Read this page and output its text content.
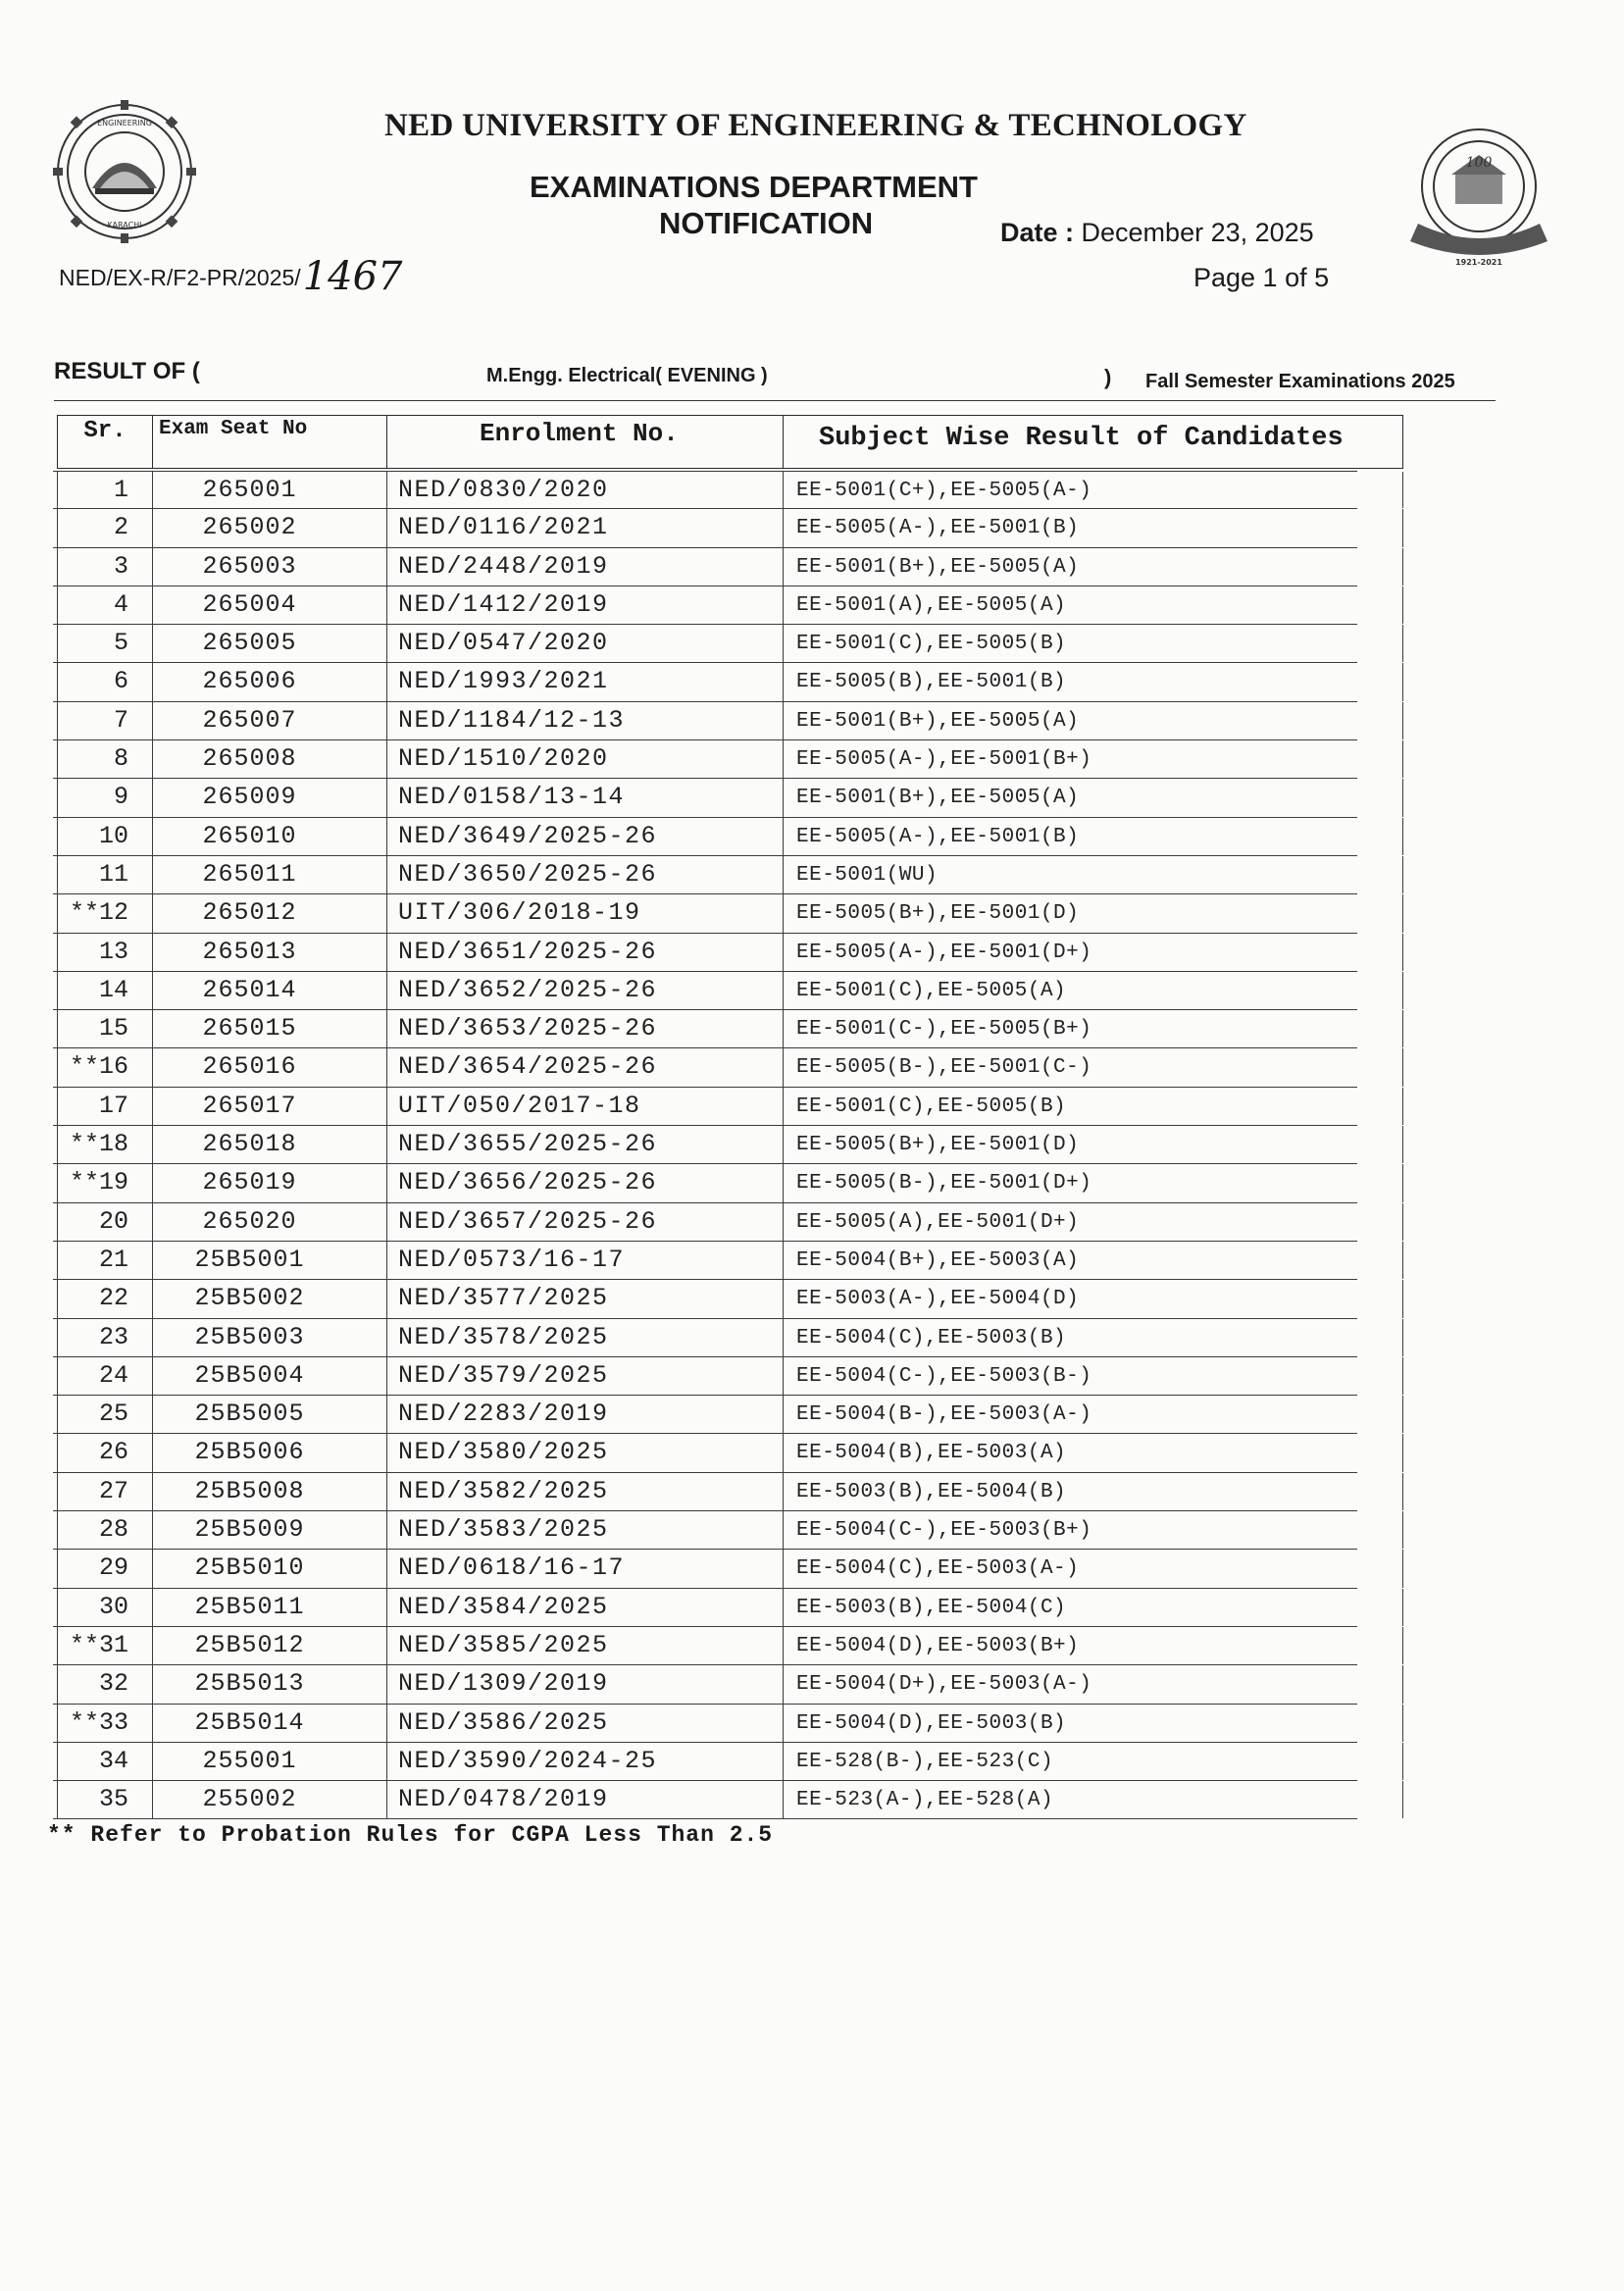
ENGINEERING
KARACHI
NED UNIVERSITY OF ENGINEERING & TECHNOLOGY
EXAMINATIONS DEPARTMENT
NOTIFICATION	Date : December 23, 2025
Page 1 of 5
NED/EX-R/F2-PR/2025/1467
100
1921-2021
RESULT OF (	M.Engg. Electrical( EVENING )	) Fall Semester Examinations 2025
Sr.	Exam Seat No	Enrolment No.	Subject Wise Result of Candidates
1	265001	NED/0830/2020	EE-5001(C+),EE-5005(A-)
2	265002	NED/0116/2021	EE-5005(A-),EE-5001(B)
3	265003	NED/2448/2019	EE-5001(B+),EE-5005(A)
4	265004	NED/1412/2019	EE-5001(A),EE-5005(A)
5	265005	NED/0547/2020	EE-5001(C),EE-5005(B)
6	265006	NED/1993/2021	EE-5005(B),EE-5001(B)
7	265007	NED/1184/12-13	EE-5001(B+),EE-5005(A)
8	265008	NED/1510/2020	EE-5005(A-),EE-5001(B+)
9	265009	NED/0158/13-14	EE-5001(B+),EE-5005(A)
10	265010	NED/3649/2025-26	EE-5005(A-),EE-5001(B)
11	265011	NED/3650/2025-26	EE-5001(WU)
**12	265012	UIT/306/2018-19	EE-5005(B+),EE-5001(D)
13	265013	NED/3651/2025-26	EE-5005(A-),EE-5001(D+)
14	265014	NED/3652/2025-26	EE-5001(C),EE-5005(A)
15	265015	NED/3653/2025-26	EE-5001(C-),EE-5005(B+)
**16	265016	NED/3654/2025-26	EE-5005(B-),EE-5001(C-)
17	265017	UIT/050/2017-18	EE-5001(C),EE-5005(B)
**18	265018	NED/3655/2025-26	EE-5005(B+),EE-5001(D)
**19	265019	NED/3656/2025-26	EE-5005(B-),EE-5001(D+)
20	265020	NED/3657/2025-26	EE-5005(A),EE-5001(D+)
21	25B5001	NED/0573/16-17	EE-5004(B+),EE-5003(A)
22	25B5002	NED/3577/2025	EE-5003(A-),EE-5004(D)
23	25B5003	NED/3578/2025	EE-5004(C),EE-5003(B)
24	25B5004	NED/3579/2025	EE-5004(C-),EE-5003(B-)
25	25B5005	NED/2283/2019	EE-5004(B-),EE-5003(A-)
26	25B5006	NED/3580/2025	EE-5004(B),EE-5003(A)
27	25B5008	NED/3582/2025	EE-5003(B),EE-5004(B)
28	25B5009	NED/3583/2025	EE-5004(C-),EE-5003(B+)
29	25B5010	NED/0618/16-17	EE-5004(C),EE-5003(A-)
30	25B5011	NED/3584/2025	EE-5003(B),EE-5004(C)
**31	25B5012	NED/3585/2025	EE-5004(D),EE-5003(B+)
32	25B5013	NED/1309/2019	EE-5004(D+),EE-5003(A-)
**33	25B5014	NED/3586/2025	EE-5004(D),EE-5003(B)
34	255001	NED/3590/2024-25	EE-528(B-),EE-523(C)
35	255002	NED/0478/2019	EE-523(A-),EE-528(A)
** Refer to Probation Rules for CGPA Less Than 2.5
